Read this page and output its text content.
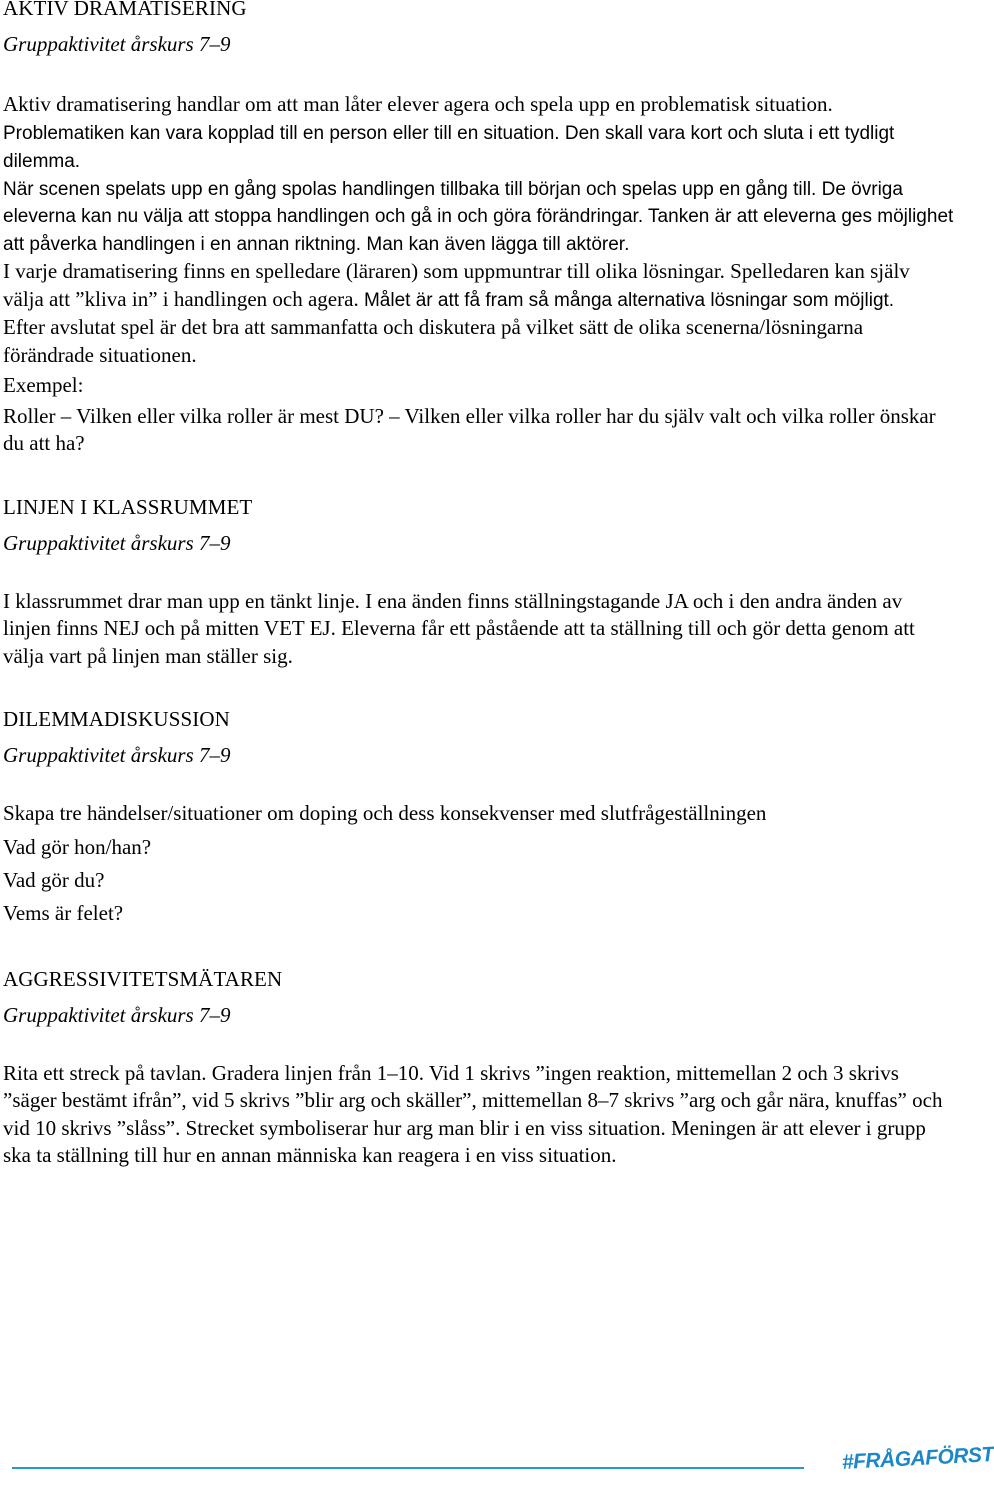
AKTIV DRAMATISERING
Gruppaktivitet årskurs 7–9

Aktiv dramatisering handlar om att man låter elever agera och spela upp en problematisk situation. Problematiken kan vara kopplad till en person eller till en situation. Den skall vara kort och sluta i ett tydligt dilemma.

När scenen spelats upp en gång spolas handlingen tillbaka till början och spelas upp en gång till. De övriga eleverna kan nu välja att stoppa handlingen och gå in och göra förändringar. Tanken är att eleverna ges möjlighet att påverka handlingen i en annan riktning. Man kan även lägga till aktörer.

I varje dramatisering finns en spelledare (läraren) som uppmuntrar till olika lösningar. Spelledaren kan själv välja att ”kliva in” i handlingen och agera. Målet är att få fram så många alternativa lösningar som möjligt.

Efter avslutat spel är det bra att sammanfatta och diskutera på vilket sätt de olika scenerna/lösningarna förändrade situationen.

Exempel:

Roller – Vilken eller vilka roller är mest DU? – Vilken eller vilka roller har du själv valt och vilka roller önskar du att ha?

LINJEN I KLASSRUMMET
Gruppaktivitet årskurs 7–9

I klassrummet drar man upp en tänkt linje. I ena änden finns ställningstagande JA och i den andra änden av linjen finns NEJ och på mitten VET EJ. Eleverna får ett påstående att ta ställning till och gör detta genom att välja vart på linjen man ställer sig.

DILEMMADISKUSSION
Gruppaktivitet årskurs 7–9

Skapa tre händelser/situationer om doping och dess konsekvenser med slutfrågeställningen

Vad gör hon/han?

Vad gör du?

Vems är felet?

AGGRESSIVITETSMÄTAREN
Gruppaktivitet årskurs 7–9

Rita ett streck på tavlan. Gradera linjen från 1–10. Vid 1 skrivs ”ingen reaktion, mittemellan 2 och 3 skrivs ”säger bestämt ifrån”, vid 5 skrivs ”blir arg och skäller”, mittemellan 8–7 skrivs ”arg och går nära, knuffas” och vid 10 skrivs ”slåss”. Strecket symboliserar hur arg man blir i en viss situation. Meningen är att elever i grupp ska ta ställning till hur en annan människa kan reagera i en viss situation.

#FRÅGAFÖRST
